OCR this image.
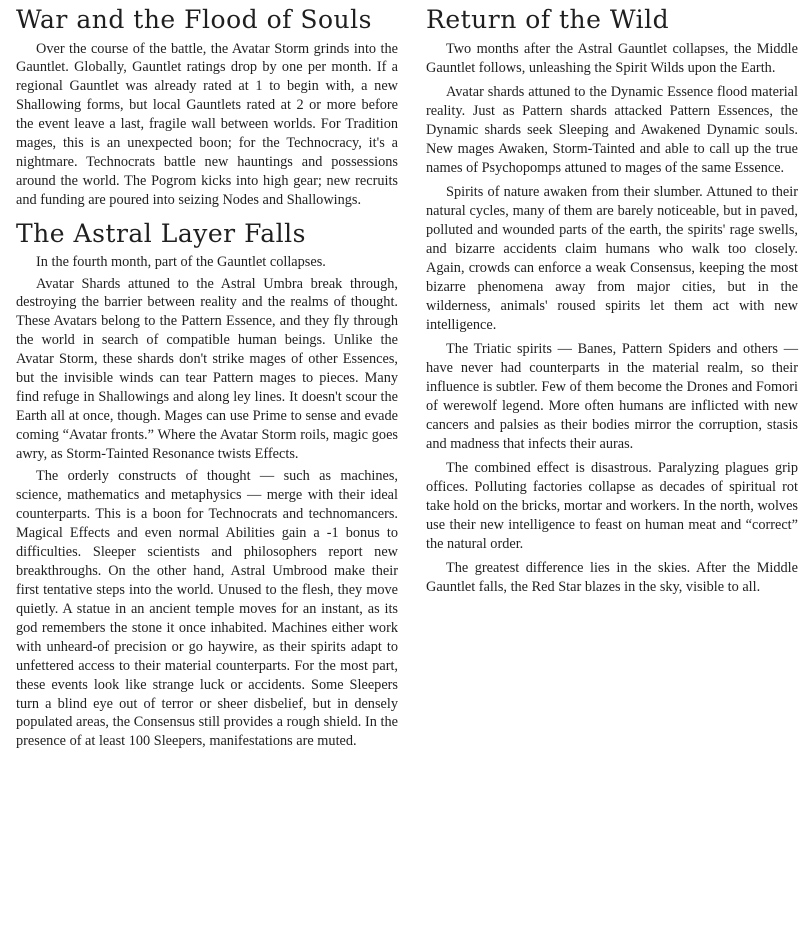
War and the Flood of Souls

Over the course of the battle, the Avatar Storm grinds into the Gauntlet. Globally, Gauntlet ratings drop by one per month. If a regional Gauntlet was already rated at 1 to begin with, a new Shallowing forms, but local Gauntlets rated at 2 or more before the event leave a last, fragile wall between worlds. For Tradition mages, this is an unexpected boon; for the Technocracy, it's a nightmare. Technocrats battle new hauntings and possessions around the world. The Pogrom kicks into high gear; new recruits and funding are poured into seizing Nodes and Shallowings.

The Astral Layer Falls

In the fourth month, part of the Gauntlet collapses.

Avatar Shards attuned to the Astral Umbra break through, destroying the barrier between reality and the realms of thought. These Avatars belong to the Pattern Essence, and they fly through the world in search of compatible human beings. Unlike the Avatar Storm, these shards don't strike mages of other Essences, but the invisible winds can tear Pattern mages to pieces. Many find refuge in Shallowings and along ley lines. It doesn't scour the Earth all at once, though. Mages can use Prime to sense and evade coming “Avatar fronts.” Where the Avatar Storm roils, magic goes awry, as Storm-Tainted Resonance twists Effects.

The orderly constructs of thought — such as machines, science, mathematics and metaphysics — merge with their ideal counterparts. This is a boon for Technocrats and technomancers. Magical Effects and even normal Abilities gain a -1 bonus to difficulties. Sleeper scientists and philosophers report new breakthroughs. On the other hand, Astral Umbrood make their first tentative steps into the world. Unused to the flesh, they move quietly. A statue in an ancient temple moves for an instant, as its god remembers the stone it once inhabited. Machines either work with unheard-of precision or go haywire, as their spirits adapt to unfettered access to their material counterparts. For the most part, these events look like strange luck or accidents. Some Sleepers turn a blind eye out of terror or sheer disbelief, but in densely populated areas, the Consensus still provides a rough shield. In the presence of at least 100 Sleepers, manifestations are muted.

Return of the Wild

Two months after the Astral Gauntlet collapses, the Middle Gauntlet follows, unleashing the Spirit Wilds upon the Earth.

Avatar shards attuned to the Dynamic Essence flood material reality. Just as Pattern shards attacked Pattern Essences, the Dynamic shards seek Sleeping and Awakened Dynamic souls. New mages Awaken, Storm-Tainted and able to call up the true names of Psychopomps attuned to mages of the same Essence.

Spirits of nature awaken from their slumber. Attuned to their natural cycles, many of them are barely noticeable, but in paved, polluted and wounded parts of the earth, the spirits' rage swells, and bizarre accidents claim humans who walk too closely. Again, crowds can enforce a weak Consensus, keeping the most bizarre phenomena away from major cities, but in the wilderness, animals' roused spirits let them act with new intelligence.

The Triatic spirits — Banes, Pattern Spiders and others — have never had counterparts in the material realm, so their influence is subtler. Few of them become the Drones and Fomori of werewolf legend. More often humans are inflicted with new cancers and palsies as their bodies mirror the corruption, stasis and madness that infects their auras.

The combined effect is disastrous. Paralyzing plagues grip offices. Polluting factories collapse as decades of spiritual rot take hold on the bricks, mortar and workers. In the north, wolves use their new intelligence to feast on human meat and “correct” the natural order.

The greatest difference lies in the skies. After the Middle Gauntlet falls, the Red Star blazes in the sky, visible to all.
